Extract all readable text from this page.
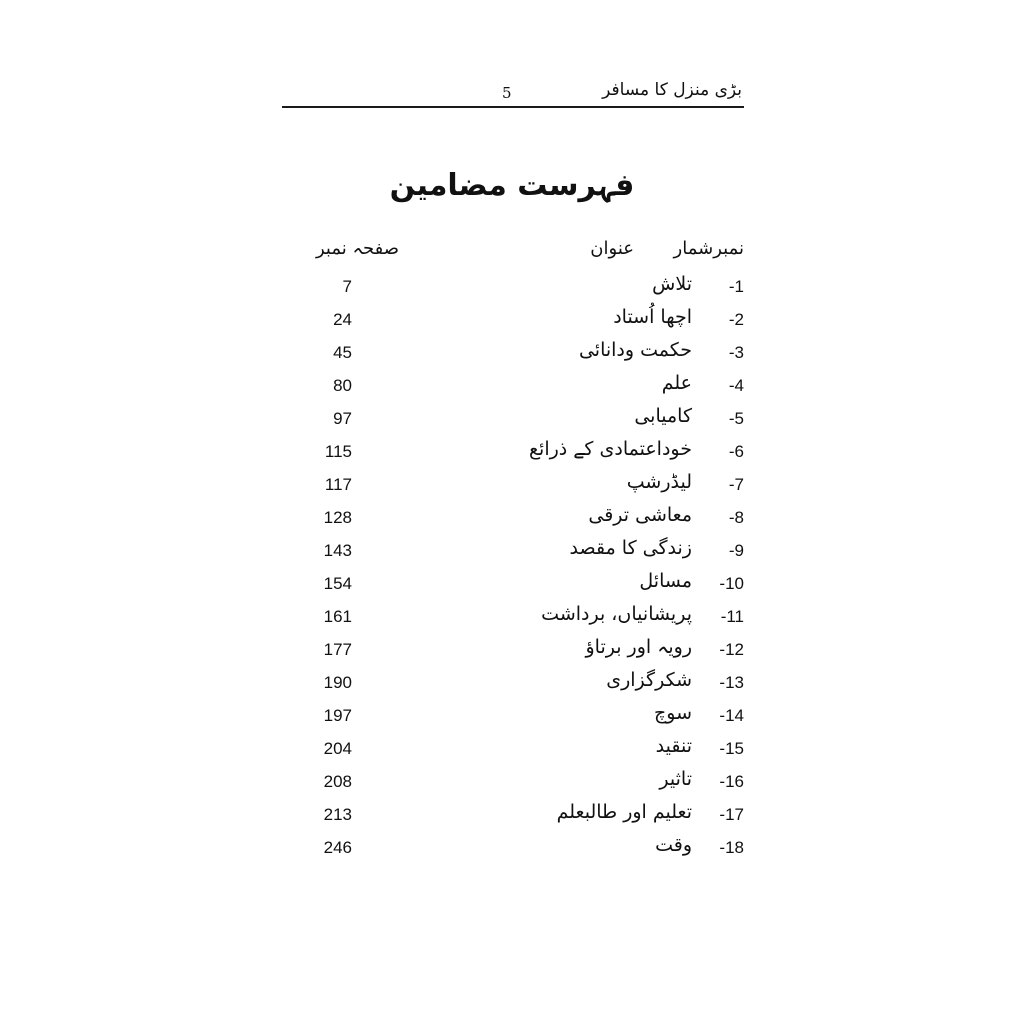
بڑی منزل کا مسافر
5
فہرست مضامین
نمبرشمار
عنوان
صفحہ نمبر
-1
تلاش
7
-2
اچھا اُستاد
24
-3
حکمت ودانائی
45
-4
علم
80
-5
کامیابی
97
-6
خوداعتمادی کے ذرائع
115
-7
لیڈرشپ
117
-8
معاشی ترقی
128
-9
زندگی کا مقصد
143
-10
مسائل
154
-11
پریشانیاں، برداشت
161
-12
رویہ اور برتاؤ
177
-13
شکرگزاری
190
-14
سوچ
197
-15
تنقید
204
-16
تاثیر
208
-17
تعلیم اور طالبعلم
213
-18
وقت
246
